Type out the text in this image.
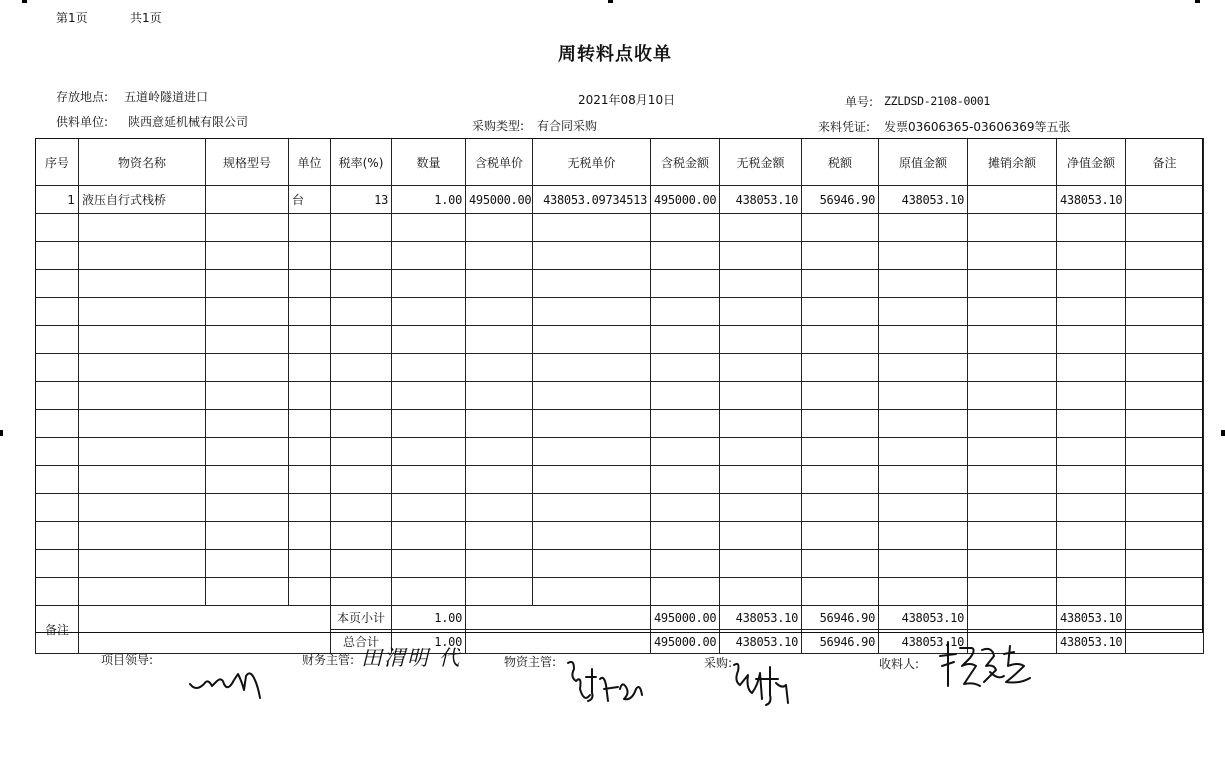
第1页	共1页
周转料点收单
存放地点: 五道岭隧道进口	2021年08月10日	单号: ZZLDSD-2108-0001
供料单位: 陕西意延机械有限公司	采购类型: 有合同采购	来料凭证: 发票03606365-03606369等五张
序号	物资名称	规格型号	单位	税率(%)	数量	含税单价	无税单价	含税金额	无税金额	税额	原值金额	摊销余额	净值金额	备注
1	液压自行式栈桥		台	13	1.00	495000.00	438053.09734513	495000.00	438053.10	56946.90	438053.10		438053.10	

备注				本页小计	1.00			495000.00	438053.10	56946.90	438053.10		438053.10	
				总合计	1.00			495000.00	438053.10	56946.90	438053.10		438053.10	
项目领导:	财务主管: 田渭明 代	物资主管:	采购:	收料人:
